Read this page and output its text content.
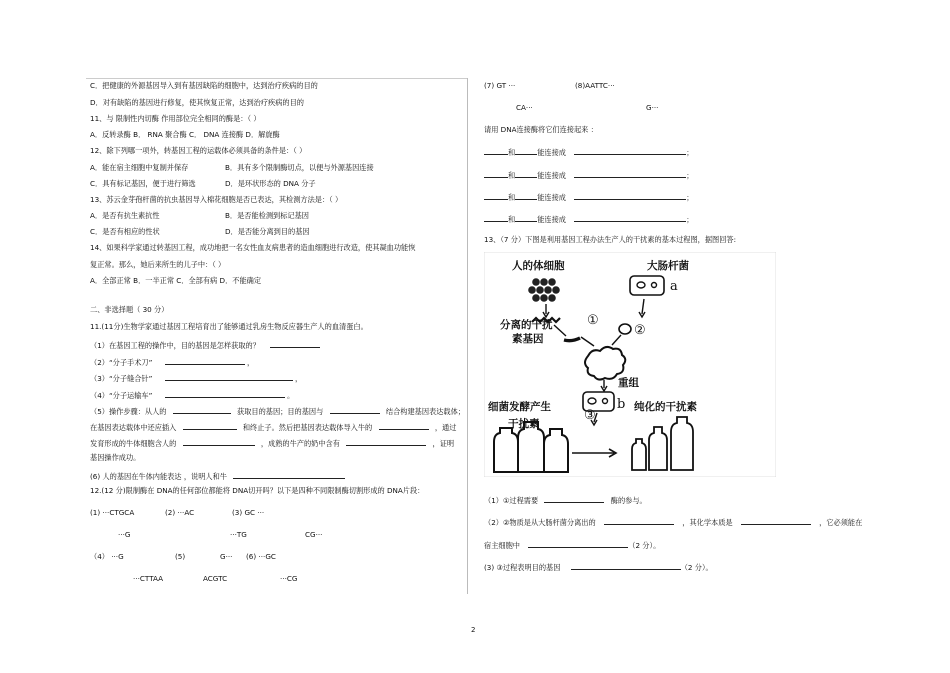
C．把健康的外源基因导入到有基因缺陷的细胞中，达到治疗疾病的目的
D．对有缺陷的基因进行修复，使其恢复正常，达到治疗疾病的目的
11、与 限制性内切酶 作用部位完全相同的酶是：（ ）
A．反转录酶 B． RNA 聚合酶 C． DNA 连接酶 D．解旋酶
12、除下列哪一项外，转基因工程的运载体必须具备的条件是：（ ）
A．能在宿主细胞中复制并保存	B．具有多个限制酶切点，以便与外源基因连接
C．具有标记基因，便于进行筛选	D．是环状形态的 DNA 分子
13、苏云金芽孢杆菌的抗虫基因导入棉花细胞是否已表达，其检测方法是：（ ）
A．是否有抗生素抗性	B．是否能检测到标记基因
C．是否有相应的性状	D．是否能分离到目的基因
14、如果科学家通过转基因工程，成功地把一名女性血友病患者的造血细胞进行改造，使其凝血功能恢
复正常。那么，她后来所生的儿子中：（ ）
A．全部正常 B．一半正常 C．全部有病 D．不能确定
二、非选择题（ 30 分）
11.(11分)生物学家通过基因工程培育出了能够通过乳房生物反应器生产人的血清蛋白。
（1）在基因工程的操作中，目的基因是怎样获取的？
（2）“分子手术刀”	，
（3）“分子缝合针”	，
（4）“分子运输车”	。
（5）操作步骤：从人的	获取目的基因；目的基因与	结合构建基因表达载体；
在基因表达载体中还应插入	和终止子。然后把基因表达载体导入牛的	，通过
发育形成的牛体细胞含人的	，成熟的牛产的奶中含有	，证明
基因操作成功。
(6) 人的基因在牛体内能表达 ，说明人和牛
12.(12 分)限制酶在 DNA的任何部位都能将 DNA切开吗？以下是四种不同限制酶切割形成的 DNA片段：
(1) ···CTGCA	(2) ···AC	(3) GC ···
···G	···TG	CG···
（4） ···G	(5)	G··· (6) ···GC
···CTTAA	ACGTC	···CG
(7) GT ···	(8)AATTC···
CA···	G···
请用 DNA连接酶将它们连接起来 ：
和	能连接成	；
和	能连接成	；
和	能连接成	；
和	能连接成	；
13、（7 分）下图是利用基因工程办法生产人的干扰素的基本过程图，据图回答:
人的体细胞	大肠杆菌
分离的干扰
素基因
①
a
②
重组
b
③
细菌发酵产生
干扰素
纯化的干扰素
（1）①过程需要	酶的参与。
（2）②物质是从大肠杆菌分离出的	，其化学本质是	，它必须能在
宿主细胞中	（2 分）。
(3) ③过程表明目的基因	（2 分）。
2
